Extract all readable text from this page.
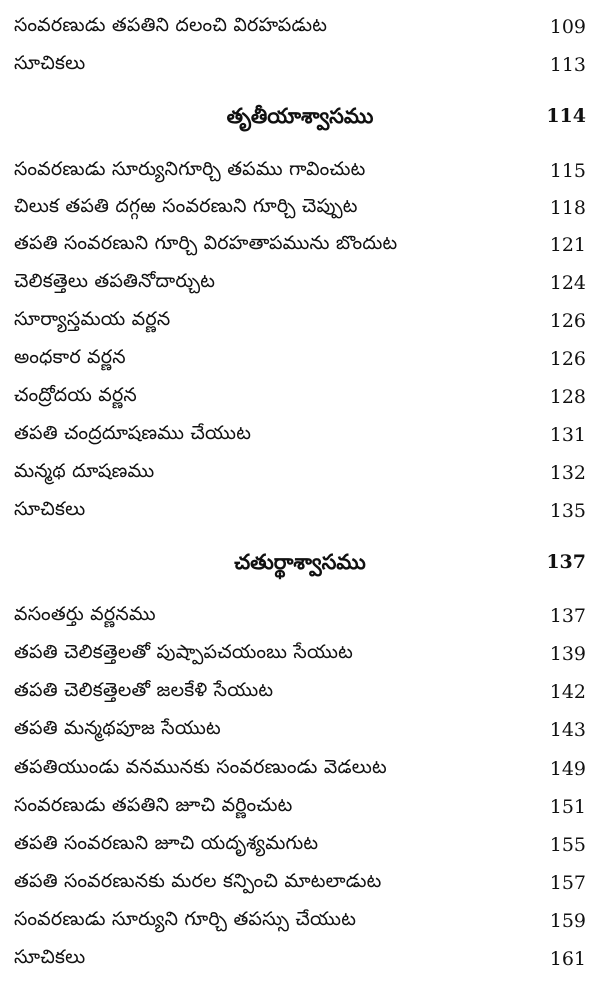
సంవరణుడు తపతిని దలంచి విరహపడుట	109
సూచికలు	113
తృతీయాశ్వాసము	114
సంవరణుడు సూర్యునిగూర్చి తపము గావించుట	115
చిలుక తపతి దగ్గఱ సంవరణుని గూర్చి చెప్పుట	118
తపతి సంవరణుని గూర్చి విరహతాపమును బొందుట	121
చెలికత్తెలు తపతినోదార్చుట	124
సూర్యాస్తమయ వర్ణన	126
అంధకార వర్ణన	126
చంద్రోదయ వర్ణన	128
తపతి చంద్రదూషణము చేయుట	131
మన్మథ దూషణము	132
సూచికలు	135
చతుర్థాశ్వాసము	137
వసంతర్తు వర్ణనము	137
తపతి చెలికత్తెలతో పుష్పాపచయంబు సేయుట	139
తపతి చెలికత్తెలతో జలకేళి సేయుట	142
తపతి మన్మథపూజ సేయుట	143
తపతియుండు వనమునకు సంవరణుండు వెడలుట	149
సంవరణుడు తపతిని జూచి వర్ణించుట	151
తపతి సంవరణుని జూచి యదృశ్యమగుట	155
తపతి సంవరణునకు మరల కన్పించి మాటలాడుట	157
సంవరణుడు సూర్యుని గూర్చి తపస్సు చేయుట	159
సూచికలు	161
